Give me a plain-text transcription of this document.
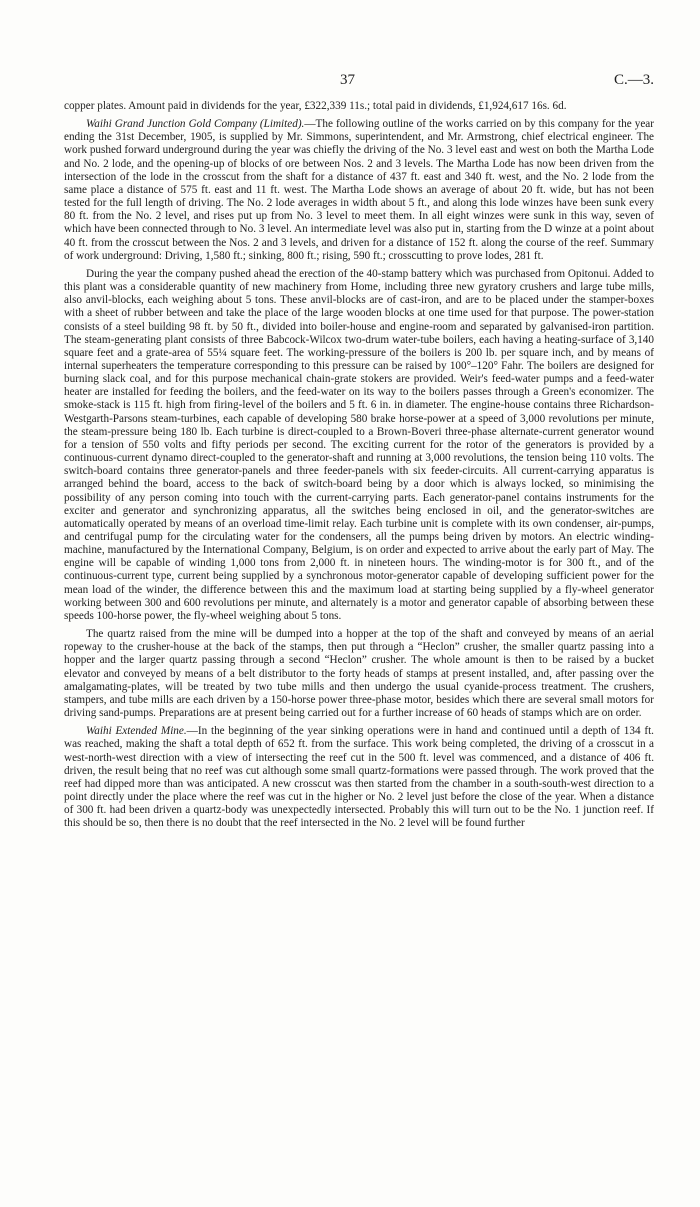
37	C.—3.

copper plates. Amount paid in dividends for the year, £322,339 11s.; total paid in dividends, £1,924,617 16s. 6d.

Waihi Grand Junction Gold Company (Limited).—The following outline of the works carried on by this company for the year ending the 31st December, 1905, is supplied by Mr. Simmons, superintendent, and Mr. Armstrong, chief electrical engineer. The work pushed forward underground during the year was chiefly the driving of the No. 3 level east and west on both the Martha Lode and No. 2 lode, and the opening-up of blocks of ore between Nos. 2 and 3 levels. The Martha Lode has now been driven from the intersection of the lode in the crosscut from the shaft for a distance of 437 ft. east and 340 ft. west, and the No. 2 lode from the same place a distance of 575 ft. east and 11 ft. west. The Martha Lode shows an average of about 20 ft. wide, but has not been tested for the full length of driving. The No. 2 lode averages in width about 5 ft., and along this lode winzes have been sunk every 80 ft. from the No. 2 level, and rises put up from No. 3 level to meet them. In all eight winzes were sunk in this way, seven of which have been connected through to No. 3 level. An intermediate level was also put in, starting from the D winze at a point about 40 ft. from the crosscut between the Nos. 2 and 3 levels, and driven for a distance of 152 ft. along the course of the reef. Summary of work underground: Driving, 1,580 ft.; sinking, 800 ft.; rising, 590 ft.; crosscutting to prove lodes, 281 ft.

During the year the company pushed ahead the erection of the 40-stamp battery which was purchased from Opitonui. Added to this plant was a considerable quantity of new machinery from Home, including three new gyratory crushers and large tube mills, also anvil-blocks, each weighing about 5 tons. These anvil-blocks are of cast-iron, and are to be placed under the stamper-boxes with a sheet of rubber between and take the place of the large wooden blocks at one time used for that purpose. The power-station consists of a steel building 98 ft. by 50 ft., divided into boiler-house and engine-room and separated by galvanised-iron partition. The steam-generating plant consists of three Babcock-Wilcox two-drum water-tube boilers, each having a heating-surface of 3,140 square feet and a grate-area of 55¼ square feet. The working-pressure of the boilers is 200 lb. per square inch, and by means of internal superheaters the temperature corresponding to this pressure can be raised by 100°–120° Fahr. The boilers are designed for burning slack coal, and for this purpose mechanical chain-grate stokers are provided. Weir's feed-water pumps and a feed-water heater are installed for feeding the boilers, and the feed-water on its way to the boilers passes through a Green's economizer. The smoke-stack is 115 ft. high from firing-level of the boilers and 5 ft. 6 in. in diameter. The engine-house contains three Richardson-Westgarth-Parsons steam-turbines, each capable of developing 580 brake horse-power at a speed of 3,000 revolutions per minute, the steam-pressure being 180 lb. Each turbine is direct-coupled to a Brown-Boveri three-phase alternate-current generator wound for a tension of 550 volts and fifty periods per second. The exciting current for the rotor of the generators is provided by a continuous-current dynamo direct-coupled to the generator-shaft and running at 3,000 revolutions, the tension being 110 volts. The switch-board contains three generator-panels and three feeder-panels with six feeder-circuits. All current-carrying apparatus is arranged behind the board, access to the back of switch-board being by a door which is always locked, so minimising the possibility of any person coming into touch with the current-carrying parts. Each generator-panel contains instruments for the exciter and generator and synchronizing apparatus, all the switches being enclosed in oil, and the generator-switches are automatically operated by means of an overload time-limit relay. Each turbine unit is complete with its own condenser, air-pumps, and centrifugal pump for the circulating water for the condensers, all the pumps being driven by motors. An electric winding-machine, manufactured by the International Company, Belgium, is on order and expected to arrive about the early part of May. The engine will be capable of winding 1,000 tons from 2,000 ft. in nineteen hours. The winding-motor is for 300 ft., and of the continuous-current type, current being supplied by a synchronous motor-generator capable of developing sufficient power for the mean load of the winder, the difference between this and the maximum load at starting being supplied by a fly-wheel generator working between 300 and 600 revolutions per minute, and alternately is a motor and generator capable of absorbing between these speeds 100-horse power, the fly-wheel weighing about 5 tons.

The quartz raised from the mine will be dumped into a hopper at the top of the shaft and conveyed by means of an aerial ropeway to the crusher-house at the back of the stamps, then put through a “Heclon” crusher, the smaller quartz passing into a hopper and the larger quartz passing through a second “Heclon” crusher. The whole amount is then to be raised by a bucket elevator and conveyed by means of a belt distributor to the forty heads of stamps at present installed, and, after passing over the amalgamating-plates, will be treated by two tube mills and then undergo the usual cyanide-process treatment. The crushers, stampers, and tube mills are each driven by a 150-horse power three-phase motor, besides which there are several small motors for driving sand-pumps. Preparations are at present being carried out for a further increase of 60 heads of stamps which are on order.

Waihi Extended Mine.—In the beginning of the year sinking operations were in hand and continued until a depth of 134 ft. was reached, making the shaft a total depth of 652 ft. from the surface. This work being completed, the driving of a crosscut in a west-north-west direction with a view of intersecting the reef cut in the 500 ft. level was commenced, and a distance of 406 ft. driven, the result being that no reef was cut although some small quartz-formations were passed through. The work proved that the reef had dipped more than was anticipated. A new crosscut was then started from the chamber in a south-south-west direction to a point directly under the place where the reef was cut in the higher or No. 2 level just before the close of the year. When a distance of 300 ft. had been driven a quartz-body was unexpectedly intersected. Probably this will turn out to be the No. 1 junction reef. If this should be so, then there is no doubt that the reef intersected in the No. 2 level will be found further
